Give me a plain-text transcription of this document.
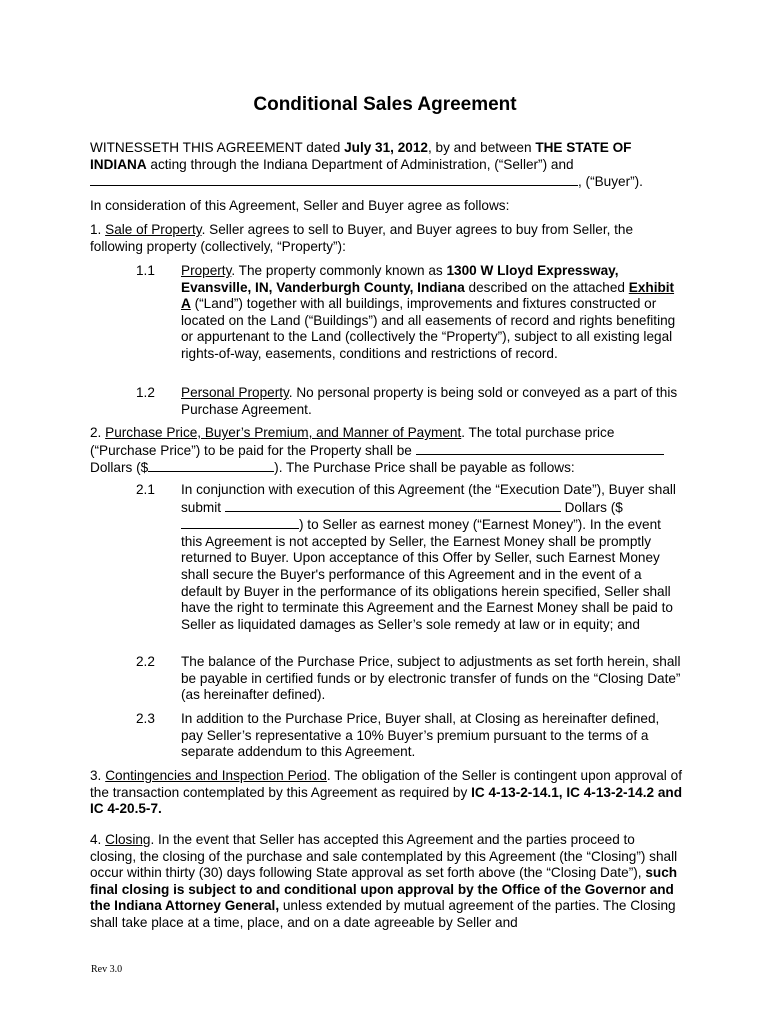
Conditional Sales Agreement
WITNESSETH THIS AGREEMENT dated July 31, 2012, by and between THE STATE OF INDIANA acting through the Indiana Department of Administration, (“Seller”) and
, (“Buyer”).
In consideration of this Agreement, Seller and Buyer agree as follows:
1. Sale of Property. Seller agrees to sell to Buyer, and Buyer agrees to buy from Seller, the following property (collectively, “Property”):
1.1 Property. The property commonly known as 1300 W Lloyd Expressway, Evansville, IN, Vanderburgh County, Indiana described on the attached Exhibit A (“Land”) together with all buildings, improvements and fixtures constructed or located on the Land (“Buildings”) and all easements of record and rights benefiting or appurtenant to the Land (collectively the “Property”), subject to all existing legal rights-of-way, easements, conditions and restrictions of record.
1.2 Personal Property. No personal property is being sold or conveyed as a part of this Purchase Agreement.
2. Purchase Price, Buyer’s Premium, and Manner of Payment. The total purchase price (“Purchase Price”) to be paid for the Property shall be
Dollars ($	). The Purchase Price shall be payable as follows:
2.1 In conjunction with execution of this Agreement (the “Execution Date”), Buyer shall submit	Dollars ($) to Seller as earnest money (“Earnest Money”). In the event this Agreement is not accepted by Seller, the Earnest Money shall be promptly returned to Buyer. Upon acceptance of this Offer by Seller, such Earnest Money shall secure the Buyer's performance of this Agreement and in the event of a default by Buyer in the performance of its obligations herein specified, Seller shall have the right to terminate this Agreement and the Earnest Money shall be paid to Seller as liquidated damages as Seller’s sole remedy at law or in equity; and
2.2 The balance of the Purchase Price, subject to adjustments as set forth herein, shall be payable in certified funds or by electronic transfer of funds on the “Closing Date” (as hereinafter defined).
2.3 In addition to the Purchase Price, Buyer shall, at Closing as hereinafter defined, pay Seller’s representative a 10% Buyer’s premium pursuant to the terms of a separate addendum to this Agreement.
3. Contingencies and Inspection Period. The obligation of the Seller is contingent upon approval of the transaction contemplated by this Agreement as required by IC 4-13-2-14.1, IC 4-13-2-14.2 and IC 4-20.5-7.
4. Closing. In the event that Seller has accepted this Agreement and the parties proceed to closing, the closing of the purchase and sale contemplated by this Agreement (the “Closing”) shall occur within thirty (30) days following State approval as set forth above (the “Closing Date”), such final closing is subject to and conditional upon approval by the Office of the Governor and the Indiana Attorney General, unless extended by mutual agreement of the parties. The Closing shall take place at a time, place, and on a date agreeable by Seller and
Rev 3.0
